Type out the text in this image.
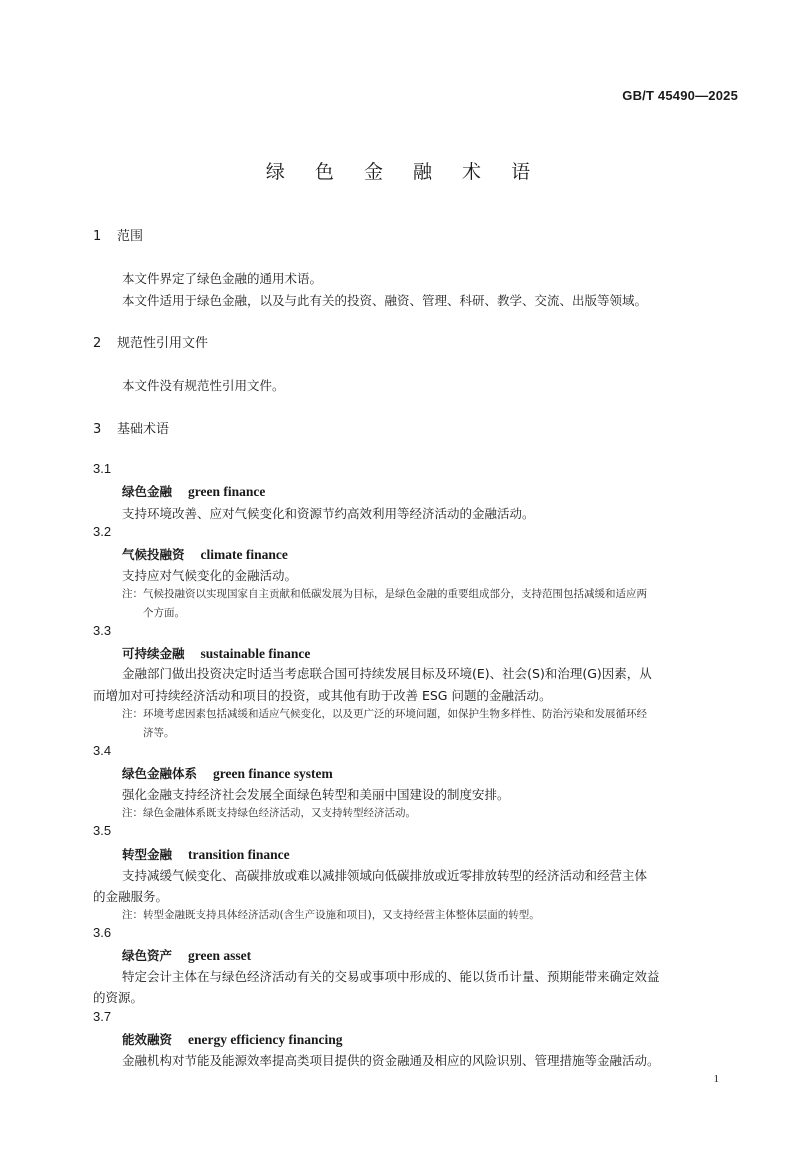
GB/T 45490—2025
绿 色 金 融 术 语
1 范围
本文件界定了绿色金融的通用术语。
本文件适用于绿色金融，以及与此有关的投资、融资、管理、科研、教学、交流、出版等领域。
2 规范性引用文件
本文件没有规范性引用文件。
3 基础术语
3.1
绿色金融 green finance
支持环境改善、应对气候变化和资源节约高效利用等经济活动的金融活动。
3.2
气候投融资 climate finance
支持应对气候变化的金融活动。
注：气候投融资以实现国家自主贡献和低碳发展为目标，是绿色金融的重要组成部分，支持范围包括减缓和适应两
个方面。
3.3
可持续金融 sustainable finance
金融部门做出投资决定时适当考虑联合国可持续发展目标及环境(E)、社会(S)和治理(G)因素，从
而增加对可持续经济活动和项目的投资，或其他有助于改善 ESG 问题的金融活动。
注：环境考虑因素包括减缓和适应气候变化，以及更广泛的环境问题，如保护生物多样性、防治污染和发展循环经
济等。
3.4
绿色金融体系 green finance system
强化金融支持经济社会发展全面绿色转型和美丽中国建设的制度安排。
注：绿色金融体系既支持绿色经济活动，又支持转型经济活动。
3.5
转型金融 transition finance
支持减缓气候变化、高碳排放或难以减排领域向低碳排放或近零排放转型的经济活动和经营主体
的金融服务。
注：转型金融既支持具体经济活动(含生产设施和项目)，又支持经营主体整体层面的转型。
3.6
绿色资产 green asset
特定会计主体在与绿色经济活动有关的交易或事项中形成的、能以货币计量、预期能带来确定效益
的资源。
3.7
能效融资 energy efficiency financing
金融机构对节能及能源效率提高类项目提供的资金融通及相应的风险识别、管理措施等金融活动。
1
